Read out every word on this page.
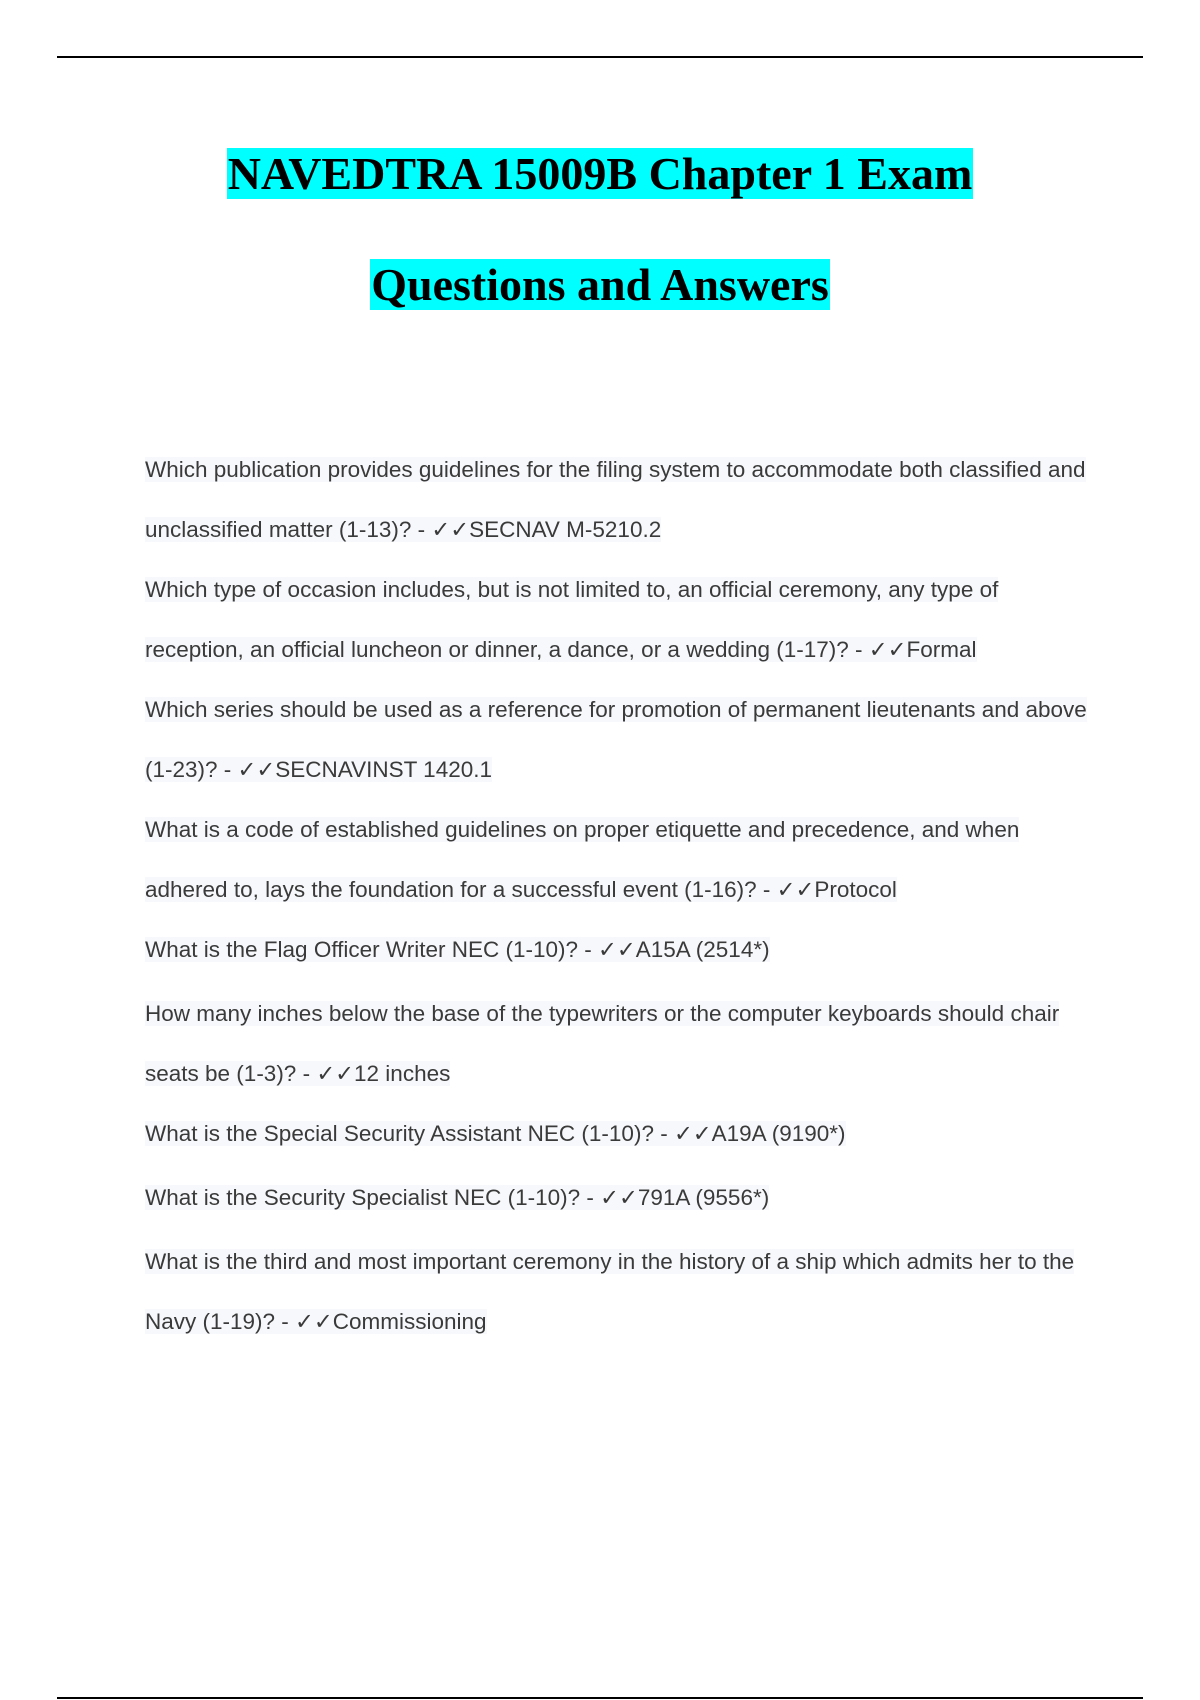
NAVEDTRA 15009B Chapter 1 Exam
Questions and Answers

Which publication provides guidelines for the filing system to accommodate both classified and unclassified matter (1-13)? - ✓✓SECNAV M-5210.2

Which type of occasion includes, but is not limited to, an official ceremony, any type of reception, an official luncheon or dinner, a dance, or a wedding (1-17)? - ✓✓Formal

Which series should be used as a reference for promotion of permanent lieutenants and above (1-23)? - ✓✓SECNAVINST 1420.1

What is a code of established guidelines on proper etiquette and precedence, and when adhered to, lays the foundation for a successful event (1-16)? - ✓✓Protocol

What is the Flag Officer Writer NEC (1-10)? - ✓✓A15A (2514*)

How many inches below the base of the typewriters or the computer keyboards should chair seats be (1-3)? - ✓✓12 inches

What is the Special Security Assistant NEC (1-10)? - ✓✓A19A (9190*)

What is the Security Specialist NEC (1-10)? - ✓✓791A (9556*)

What is the third and most important ceremony in the history of a ship which admits her to the Navy (1-19)? - ✓✓Commissioning
